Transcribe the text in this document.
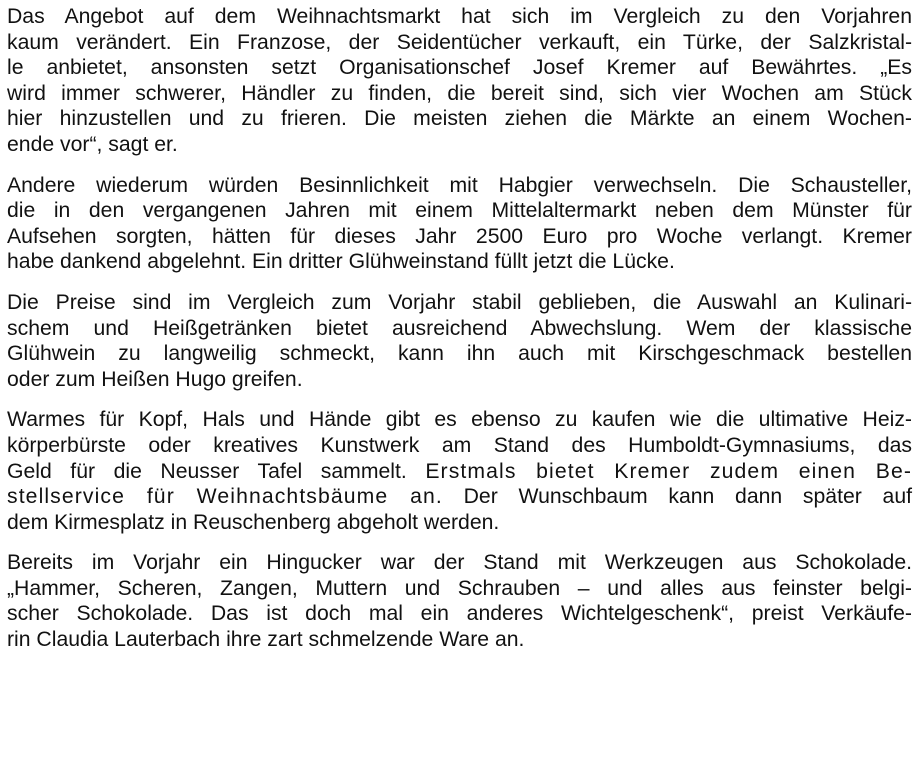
Das Angebot auf dem Weihnachtsmarkt hat sich im Vergleich zu den Vorjahren
kaum verändert. Ein Franzose, der Seidentücher verkauft, ein Türke, der Salzkristal-
le anbietet, ansonsten setzt Organisationschef Josef Kremer auf Bewährtes. „Es
wird immer schwerer, Händler zu finden, die bereit sind, sich vier Wochen am Stück
hier hinzustellen und zu frieren. Die meisten ziehen die Märkte an einem Wochen-
ende vor“, sagt er.
Andere wiederum würden Besinnlichkeit mit Habgier verwechseln. Die Schausteller,
die in den vergangenen Jahren mit einem Mittelaltermarkt neben dem Münster für
Aufsehen sorgten, hätten für dieses Jahr 2500 Euro pro Woche verlangt. Kremer
habe dankend abgelehnt. Ein dritter Glühweinstand füllt jetzt die Lücke.
Die Preise sind im Vergleich zum Vorjahr stabil geblieben, die Auswahl an Kulinari-
schem und Heißgetränken bietet ausreichend Abwechslung. Wem der klassische
Glühwein zu langweilig schmeckt, kann ihn auch mit Kirschgeschmack bestellen
oder zum Heißen Hugo greifen.
Warmes für Kopf, Hals und Hände gibt es ebenso zu kaufen wie die ultimative Heiz-
körperbürste oder kreatives Kunstwerk am Stand des Humboldt-Gymnasiums, das
Geld für die Neusser Tafel sammelt. Erstmals bietet Kremer zudem einen Be-
stellservice für Weihnachtsbäume an. Der Wunschbaum kann dann später auf
dem Kirmesplatz in Reuschenberg abgeholt werden.
Bereits im Vorjahr ein Hingucker war der Stand mit Werkzeugen aus Schokolade.
„Hammer, Scheren, Zangen, Muttern und Schrauben – und alles aus feinster belgi-
scher Schokolade. Das ist doch mal ein anderes Wichtelgeschenk“, preist Verkäufe-
rin Claudia Lauterbach ihre zart schmelzende Ware an.
